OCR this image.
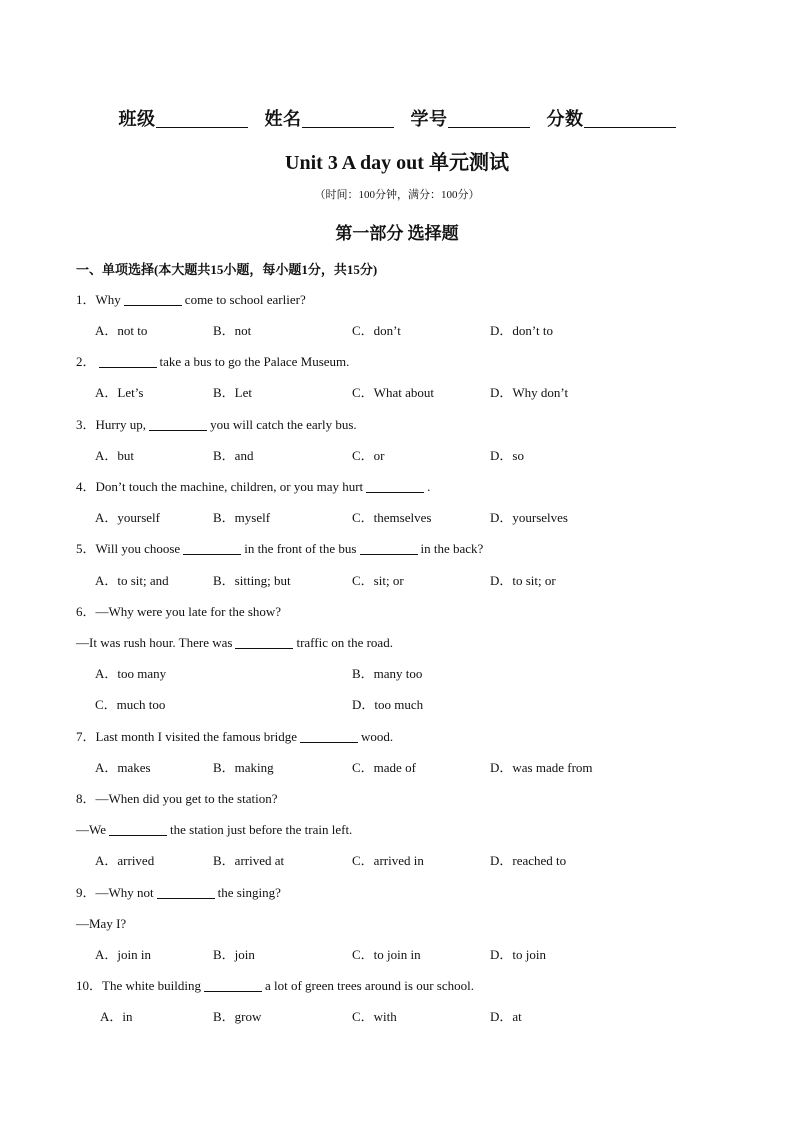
班级	姓名	学号	分数
Unit 3 A day out 单元测试
（时间：100分钟，满分：100分）
第一部分 选择题
一、单项选择(本大题共15小题，每小题1分，共15分)
1．Why	come to school earlier?
A．not to	B．not	C．don’t	D．don’t to
2．	take a bus to go the Palace Museum.
A．Let’s	B．Let	C．What about	D．Why don’t
3．Hurry up,	you will catch the early bus.
A．but	B．and	C．or	D．so
4．Don’t touch the machine, children, or you may hurt	.
A．yourself	B．myself	C．themselves	D．yourselves
5．Will you choose	in the front of the bus	in the back?
A．to sit; and	B．sitting; but	C．sit; or	D．to sit; or
6．—Why were you late for the show?
—It was rush hour. There was	traffic on the road.
A．too many	B．many too
C．much too	D．too much
7．Last month I visited the famous bridge	wood.
A．makes	B．making	C．made of	D．was made from
8．—When did you get to the station?
—We	the station just before the train left.
A．arrived	B．arrived at	C．arrived in	D．reached to
9．—Why not	the singing?
—May I?
A．join in	B．join	C．to join in	D．to join
10．The white building	a lot of green trees around is our school.
A．in	B．grow	C．with	D．at
